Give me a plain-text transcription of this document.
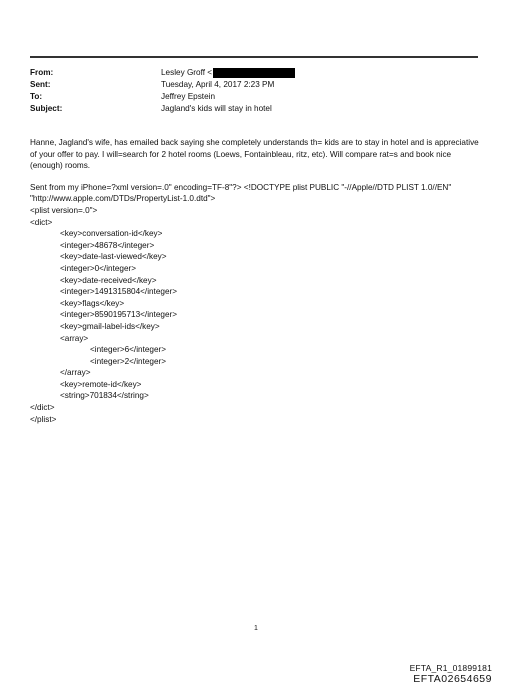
From:	Lesley Groff <
Sent:	Tuesday, April 4, 2017 2:23 PM
To:	Jeffrey Epstein
Subject:	Jagland's kids will stay in hotel

Hanne, Jagland's wife, has emailed back saying she completely understands th= kids are to stay in hotel and is appreciative of your offer to pay. I will=search for 2 hotel rooms (Loews, Fontainbleau, ritz, etc). Will compare rat=s and book nice (enough) rooms.

Sent from my iPhone=?xml version=.0" encoding=TF-8"?> <!DOCTYPE plist PUBLIC "-//Apple//DTD PLIST 1.0//EN"
"http://www.apple.com/DTDs/PropertyList-1.0.dtd">
<plist version=.0">
<dict>
<key>conversation-id</key>
<integer>48678</integer>
<key>date-last-viewed</key>
<integer>0</integer>
<key>date-received</key>
<integer>1491315804</integer>
<key>flags</key>
<integer>8590195713</integer>
<key>gmail-label-ids</key>
<array>
<integer>6</integer>
<integer>2</integer>
</array>
<key>remote-id</key>
<string>701834</string>
</dict>
</plist>
1
EFTA_R1_01899181
EFTA02654659
